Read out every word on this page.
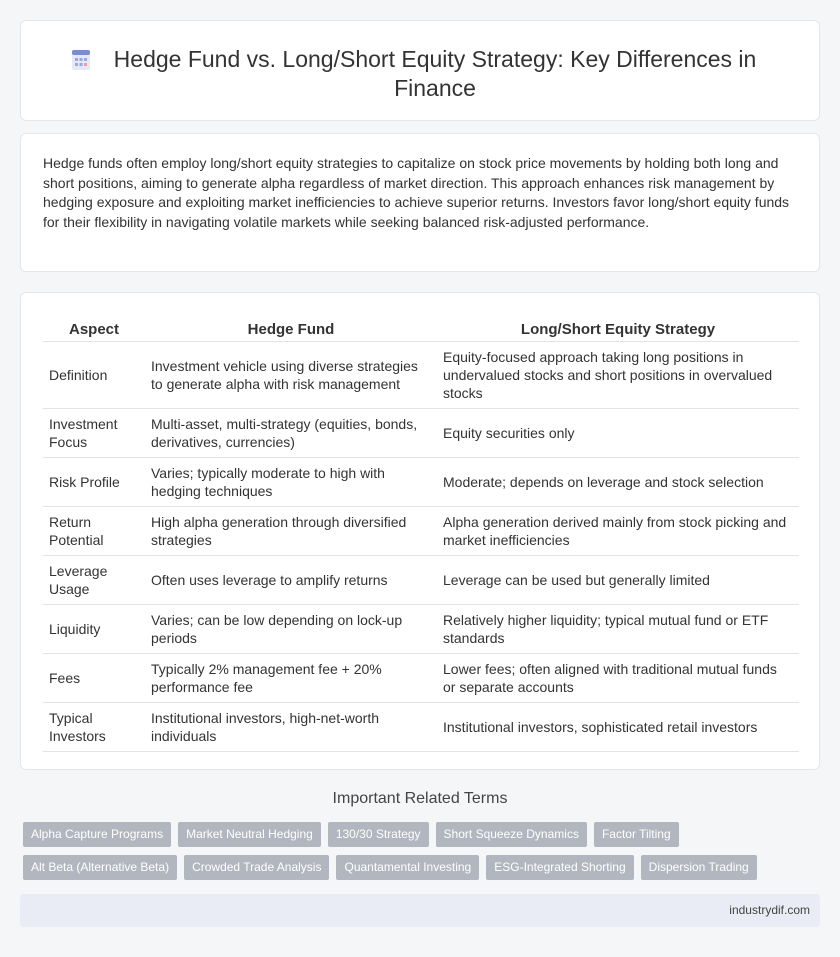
Hedge Fund vs. Long/Short Equity Strategy: Key Differences in Finance

Hedge funds often employ long/short equity strategies to capitalize on stock price movements by holding both long and short positions, aiming to generate alpha regardless of market direction. This approach enhances risk management by hedging exposure and exploiting market inefficiencies to achieve superior returns. Investors favor long/short equity funds for their flexibility in navigating volatile markets while seeking balanced risk-adjusted performance.

Aspect	Hedge Fund	Long/Short Equity Strategy
Definition	Investment vehicle using diverse strategies to generate alpha with risk management	Equity-focused approach taking long positions in undervalued stocks and short positions in overvalued stocks
Investment Focus	Multi-asset, multi-strategy (equities, bonds, derivatives, currencies)	Equity securities only
Risk Profile	Varies; typically moderate to high with hedging techniques	Moderate; depends on leverage and stock selection
Return Potential	High alpha generation through diversified strategies	Alpha generation derived mainly from stock picking and market inefficiencies
Leverage Usage	Often uses leverage to amplify returns	Leverage can be used but generally limited
Liquidity	Varies; can be low depending on lock-up periods	Relatively higher liquidity; typical mutual fund or ETF standards
Fees	Typically 2% management fee + 20% performance fee	Lower fees; often aligned with traditional mutual funds or separate accounts
Typical Investors	Institutional investors, high-net-worth individuals	Institutional investors, sophisticated retail investors
Important Related Terms
Alpha Capture Programs	Market Neutral Hedging	130/30 Strategy	Short Squeeze Dynamics	Factor Tilting
Alt Beta (Alternative Beta)	Crowded Trade Analysis	Quantamental Investing	ESG-Integrated Shorting	Dispersion Trading
industrydif.com
